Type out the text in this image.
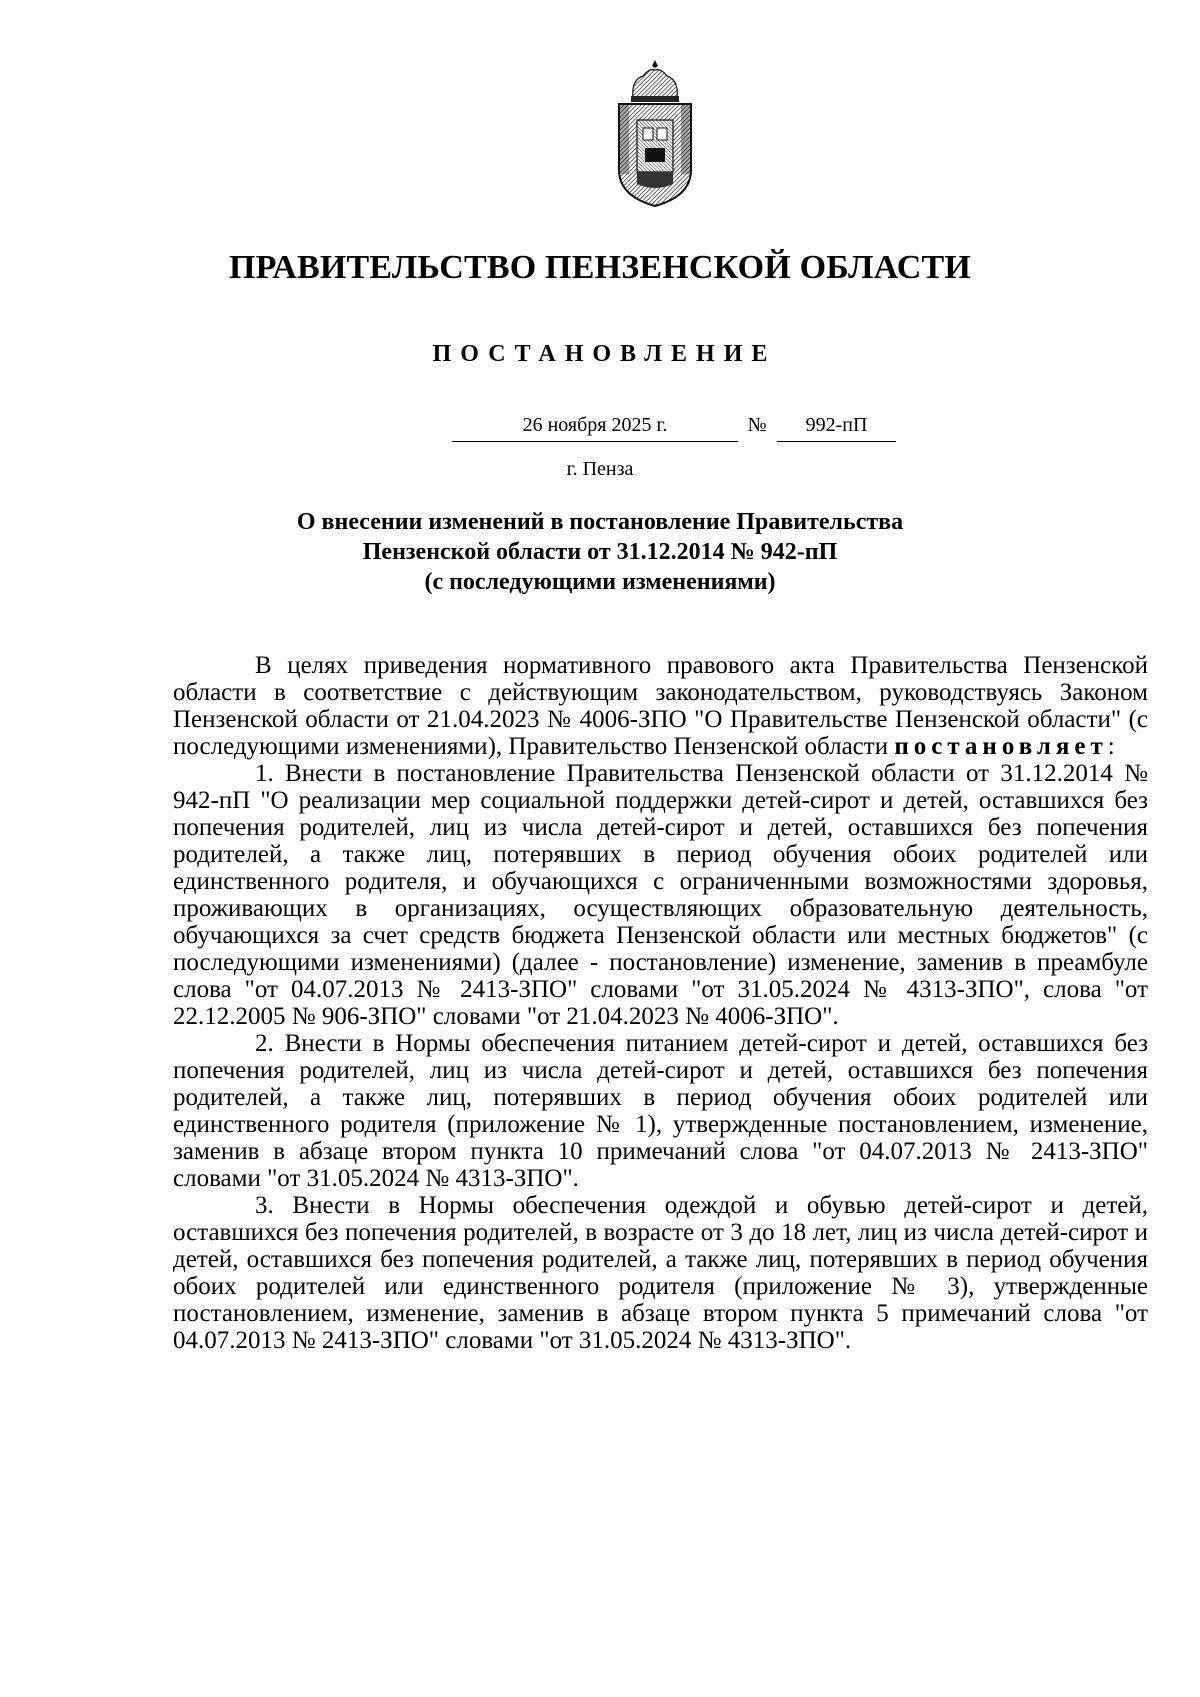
ПРАВИТЕЛЬСТВО ПЕНЗЕНСКОЙ ОБЛАСТИ
ПОСТАНОВЛЕНИЕ
26 ноября 2025 г.	№	992-пП
г. Пенза
О внесении изменений в постановление Правительства
Пензенской области от 31.12.2014 № 942-пП
(с последующими изменениями)

В целях приведения нормативного правового акта Правительства Пензенской области в соответствие с действующим законодательством, руководствуясь Законом Пензенской области от 21.04.2023 № 4006-ЗПО "О Правительстве Пензенской области" (с последующими изменениями), Правительство Пензенской области постановляет:

1. Внести в постановление Правительства Пензенской области от 31.12.2014 № 942-пП "О реализации мер социальной поддержки детей-сирот и детей, оставшихся без попечения родителей, лиц из числа детей-сирот и детей, оставшихся без попечения родителей, а также лиц, потерявших в период обучения обоих родителей или единственного родителя, и обучающихся с ограниченными возможностями здоровья, проживающих в организациях, осуществляющих образовательную деятельность, обучающихся за счет средств бюджета Пензенской области или местных бюджетов" (с последующими изменениями) (далее - постановление) изменение, заменив в преамбуле слова "от 04.07.2013 № 2413-ЗПО" словами "от 31.05.2024 № 4313-ЗПО", слова "от 22.12.2005 № 906-ЗПО" словами "от 21.04.2023 № 4006-ЗПО".

2. Внести в Нормы обеспечения питанием детей-сирот и детей, оставшихся без попечения родителей, лиц из числа детей-сирот и детей, оставшихся без попечения родителей, а также лиц, потерявших в период обучения обоих родителей или единственного родителя (приложение № 1), утвержденные постановлением, изменение, заменив в абзаце втором пункта 10 примечаний слова "от 04.07.2013 № 2413-ЗПО" словами "от 31.05.2024 № 4313-ЗПО".

3. Внести в Нормы обеспечения одеждой и обувью детей-сирот и детей, оставшихся без попечения родителей, в возрасте от 3 до 18 лет, лиц из числа детей-сирот и детей, оставшихся без попечения родителей, а также лиц, потерявших в период обучения обоих родителей или единственного родителя (приложение № 3), утвержденные постановлением, изменение, заменив в абзаце втором пункта 5 примечаний слова "от 04.07.2013 № 2413-ЗПО" словами "от 31.05.2024 № 4313-ЗПО".
